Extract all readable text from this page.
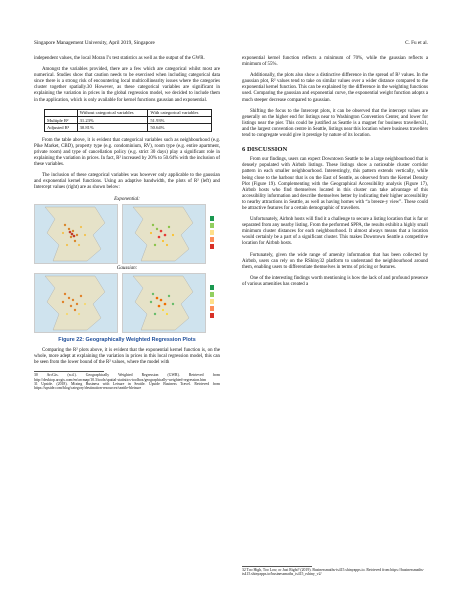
Singapore Management University, April 2019, Singapore	C. Fu et al.

independent values, the local Moran I’s test statistics as well as the output of the GWR.

Amongst the variables provided, there are a few which are categorical whilst most are numerical. Studies show that caution needs to be exercised when including categorical data since there is a strong risk of encountering local multicollinearity issues where the categories cluster together spatially.30 However, as these categorical variables are significant in explaining the variation in prices in the global regression model, we decided to include them in the application, which is only available for kernel functions gaussian and exponential.

	Without categorical variables	With categorical variables
Multiple R²	31.23%	51.93%
Adjusted R²	30.81%	50.64%

From the table above, it is evident that categorical variables such as neighbourhood (e.g. Pike Market, CBD), property type (e.g. condominium, RV), room type (e.g. entire apartment, private room) and type of cancellation policy (e.g. strict 30 days) play a significant role in explaining the variation in prices. In fact, R² increased by 20% to 50.64% with the inclusion of these variables.

The inclusion of these categorical variables was however only applicable to the gaussian and exponential kernel functions. Using an adaptive bandwidth, the plots of R² (left) and Intercept values (right) are as shown below:

Exponential:
Gaussian:
Figure 22: Geographically Weighted Regression Plots

Comparing the R² plots above, it is evident that the exponential kernel function is, on the whole, more adept at explaining the variation in prices in this local regression model, this can be seen from the lower bound of the R² values, where the model with

30 ArcGis. (n.d.). Geographically Weighted Regression (GWR). Retrieved from http://desktop.arcgis.com/en/arcmap/10.3/tools/spatial-statistics-toolbox/geographically-weighted-regression.htm

31 Upside. (2018). Mixing Business with Leisure in Seattle. Upside Business Travel. Retrieved from https://upside.com/blog/category/destination-resources/seattle-bleisure

exponential kernel function reflects a minimum of 70%, while the gaussian reflects a minimum of 55%.

Additionally, the plots also show a distinctive difference in the spread of R² values. In the gaussian plot, R² values tend to take on similar values over a wider distance compared to the exponential kernel function. This can be explained by the difference in the weighting functions used. Comparing the gaussian and exponential curve, the exponential weight function adopts a much steeper decrease compared to gaussian.

Shifting the focus to the Intercept plots, it can be observed that the intercept values are generally on the higher end for listings near to Washington Convention Center, and lower for listings near the pier. This could be justified as Seattle is a magnet for business travellers31, and the largest convention centre in Seattle, listings near this location where business travellers tend to congregate would give it prestige by nature of its location.

6 DISCUSSION

From our findings, users can expect Downtown Seattle to be a large neighbourhood that is densely populated with Airbnb listings. These listings show a noticeable cluster corridor pattern in each smaller neighbourhood. Interestingly, this pattern extends vertically, while being close to the harbour that is on the East of Seattle, as observed from the Kernel Density Plot (Figure 19). Complementing with the Geographical Accessibility analysis (Figure 17), Airbnb hosts who find themselves located in this cluster can take advantage of this accessibility information and describe themselves better by indicating their higher accessibility to nearby attractions in Seattle, as well as having homes with “a breeze-y view”. These could be attractive features for a certain demographic of travellers.

Unfortunately, Airbnb hosts will find it a challenge to secure a listing location that is far or separated from any nearby listing. From the performed SPPA, the results exhibit a highly small minimum cluster distances for each neighbourhood. It almost always means that a location would certainly be a part of a significant cluster. This makes Downtown Seattle a competitive location for Airbnb hosts.

Fortunately, given the wide range of amenity information that has been collected by Airbnb, users can rely on the RShiny32 platform to understand the neighbourhood around them, enabling users to differentiate themselves in terms of pricing or features.

One of the interesting findings worth mentioning is how the lack of and profound presence of various amenities has created a

32 Too High, Too Low, or Just Right? (2019). Businessmaths-is415.shinyapps.io. Retrieved from https://businessmaths-is415.shinyapps.io/businessmaths_is415_rshiny_v2/
